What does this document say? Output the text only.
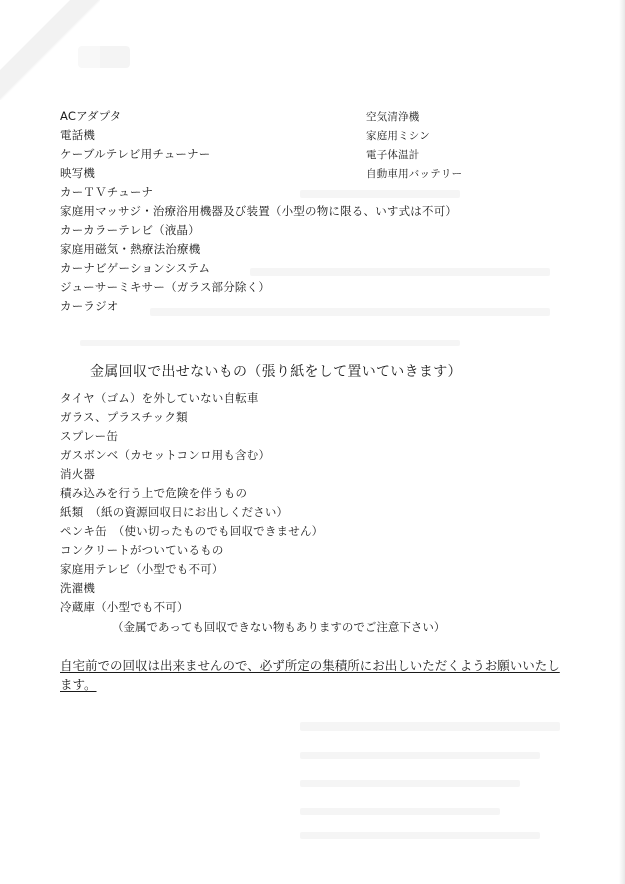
ACアダプタ
電話機
ケーブルテレビ用チューナー
映写機
カーＴＶチューナ
家庭用マッサジ・治療浴用機器及び装置（小型の物に限る、いす式は不可）
カーカラーテレビ（液晶）
家庭用磁気・熱療法治療機
カーナビゲーションシステム
ジューサーミキサー（ガラス部分除く）
カーラジオ
空気清浄機
家庭用ミシン
電子体温計
自動車用バッテリー
金属回収で出せないもの（張り紙をして置いていきます）
タイヤ（ゴム）を外していない自転車
ガラス、プラスチック類
スプレー缶
ガスボンベ（カセットコンロ用も含む）
消火器
積み込みを行う上で危険を伴うもの
紙類　（紙の資源回収日にお出しください）
ペンキ缶　（使い切ったものでも回収できません）
コンクリートがついているもの
家庭用テレビ（小型でも不可）
洗濯機
冷蔵庫（小型でも不可）
（金属であっても回収できない物もありますのでご注意下さい）
自宅前での回収は出来ませんので、必ず所定の集積所にお出しいただくようお願いいたします。
